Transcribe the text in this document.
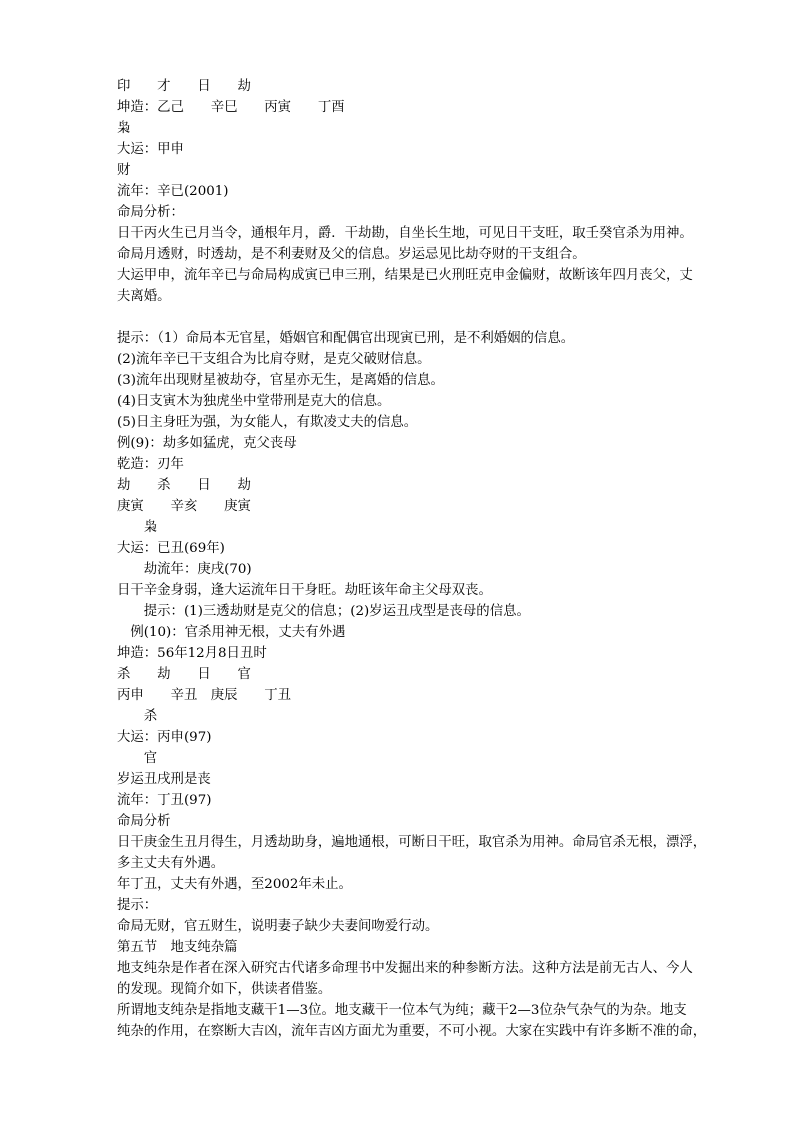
印　　才　　日　　劫
坤造：乙己　　辛巳　　丙寅　　丁酉
枭
大运：甲申
财
流年：辛已(2001)
命局分析：
日干丙火生已月当令，通根年月，爵．干劫勘，自坐长生地，可见日干支旺，取壬癸官杀为用神。
命局月透财，时透劫，是不利妻财及父的信息。岁运忌见比劫夺财的干支组合。
大运甲申，流年辛已与命局构成寅已申三刑，结果是已火刑旺克申金偏财，故断该年四月丧父，丈
夫离婚。
提示：（1）命局本无官星，婚姻官和配偶官出现寅已刑，是不利婚姻的信息。
(2)流年辛已干支组合为比肩夺财，是克父破财信息。
(3)流年出现财星被劫夺，官星亦无生，是离婚的信息。
(4)日支寅木为独虎坐中堂带刑是克大的信息。
(5)日主身旺为强，为女能人，有欺凌丈夫的信息。
例(9)：劫多如猛虎，克父丧母
乾造：刃年
劫　　杀　　日　　劫
庚寅　　辛亥　　庚寅
　　枭
大运：已丑(69年)
　　劫流年：庚戌(70)
日干辛金身弱，逢大运流年日干身旺。劫旺该年命主父母双丧。
　　提示：(1)三透劫财是克父的信息；(2)岁运丑戌型是丧母的信息。
　例(10)：官杀用神无根，丈夫有外遇
坤造：56年12月8日丑时
杀　　劫　　日　　官
丙申　　辛丑　庚辰　　丁丑
　　杀
大运：丙申(97)
　　官
岁运丑戌刑是丧
流年：丁丑(97)
命局分析
日干庚金生丑月得生，月透劫助身，遍地通根，可断日干旺，取官杀为用神。命局官杀无根，漂浮，
多主丈夫有外遇。
年丁丑，丈夫有外遇，至2002年未止。
提示：
命局无财，官五财生，说明妻子缺少夫妻间吻爱行动。
第五节　地支纯杂篇
地支纯杂是作者在深入研究古代诸多命理书中发掘出来的种参断方法。这种方法是前无古人、今人
的发现。现简介如下，供读者借鉴。
所谓地支纯杂是指地支藏干1—3位。地支藏干一位本气为纯；藏干2—3位杂气杂气的为杂。地支
纯杂的作用，在察断大吉凶，流年吉凶方面尤为重要，不可小视。大家在实践中有许多断不准的命，
